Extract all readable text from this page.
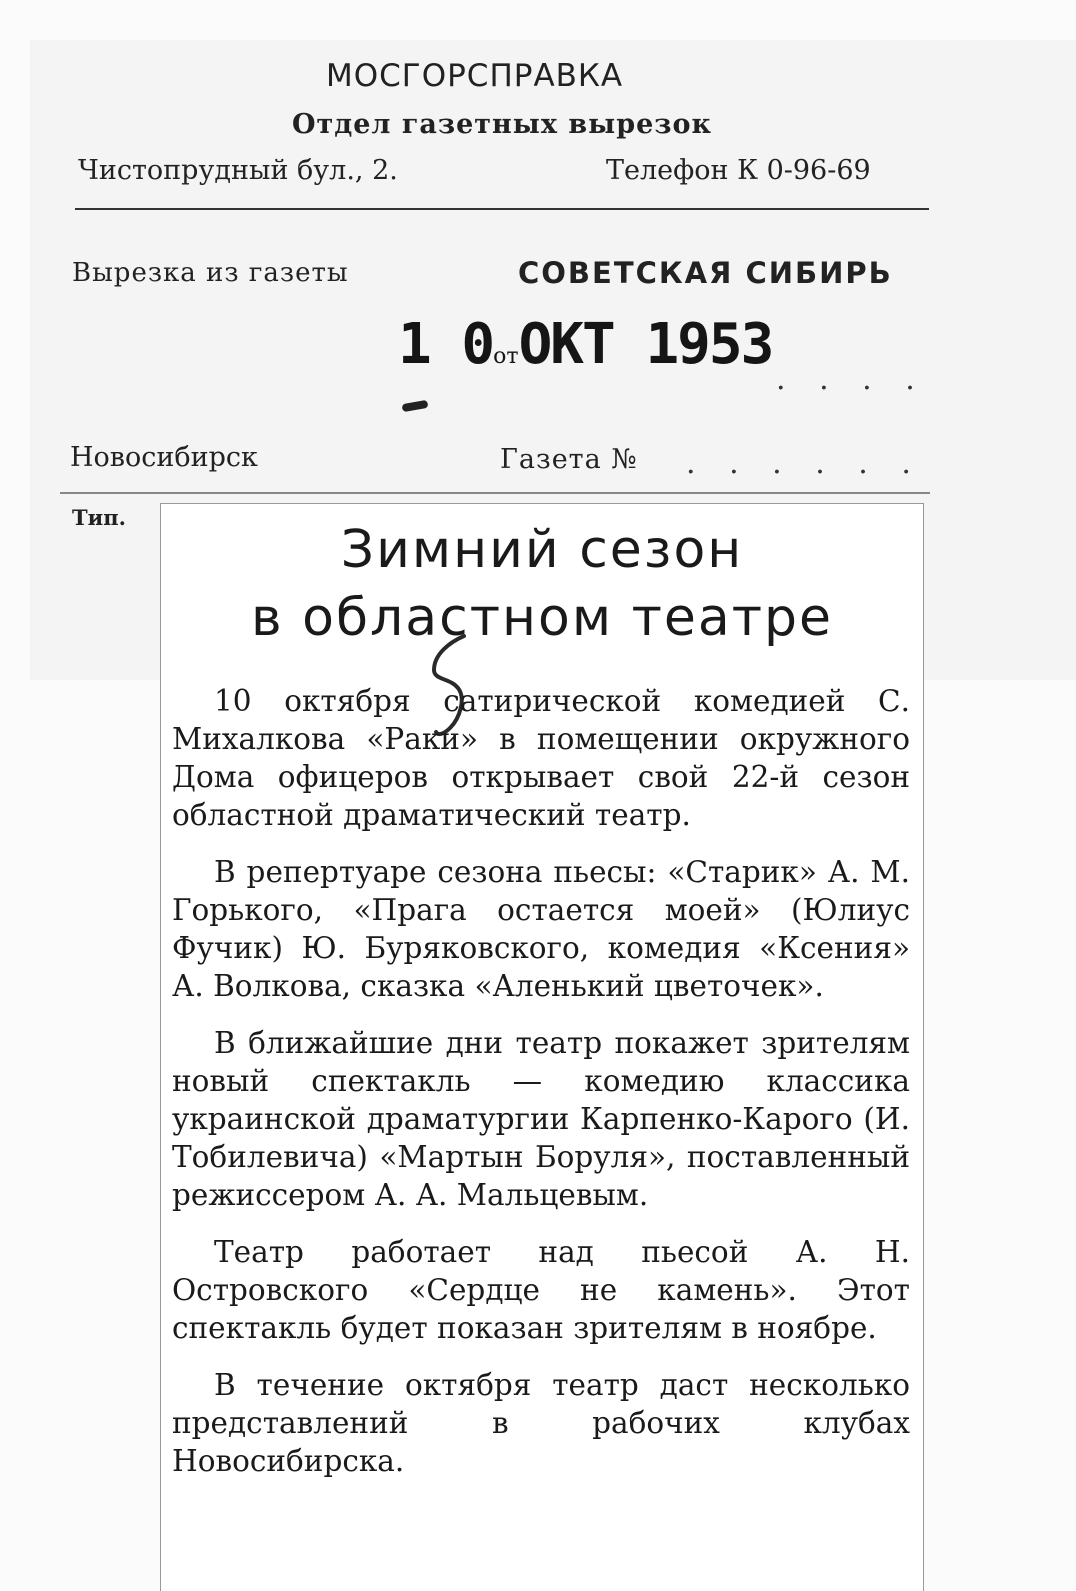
МОСГОРСПРАВКА
Отдел газетных вырезок
Чистопрудный бул., 2.	Телефон К 0-96-69
Вырезка из газеты	СОВЕТСКАЯ СИБИРЬ
1 0отОКТ 1953
. . . .
Новосибирск	Газета № . . . . . .
Тип.
Зимний сезон
в областном театре

10 октября сатирической комедией С. Михалкова «Раки» в помещении окружного Дома офицеров открывает свой 22-й сезон областной драматический театр.

В репертуаре сезона пьесы: «Старик» А. М. Горького, «Прага остается моей» (Юлиус Фучик) Ю. Буряковского, комедия «Ксения» А. Волкова, сказка «Аленький цветочек».

В ближайшие дни театр покажет зрителям новый спектакль — комедию классика украинской драматургии Карпенко-Карого (И. Тобилевича) «Мартын Боруля», поставленный режиссером А. А. Мальцевым.

Театр работает над пьесой А. Н. Островского «Сердце не камень». Этот спектакль будет показан зрителям в ноябре.

В течение октября театр даст несколько представлений в рабочих клубах Новосибирска.
